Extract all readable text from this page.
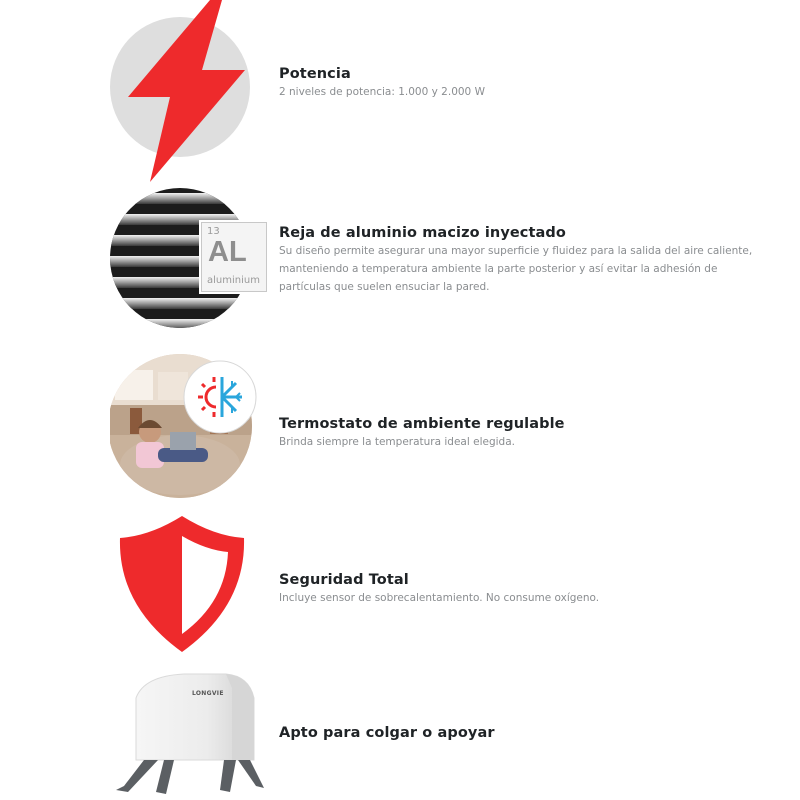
Potencia
2 niveles de potencia: 1.000 y 2.000 W
13
AL
aluminium
Reja de aluminio macizo inyectado
Su diseño permite asegurar una mayor superficie y fluidez para la salida del aire caliente,
manteniendo a temperatura ambiente la parte posterior y así evitar la adhesión de
partículas que suelen ensuciar la pared.
Termostato de ambiente regulable
Brinda siempre la temperatura ideal elegida.
Seguridad Total
Incluye sensor de sobrecalentamiento. No consume oxígeno.
LONGVIE
Apto para colgar o apoyar
